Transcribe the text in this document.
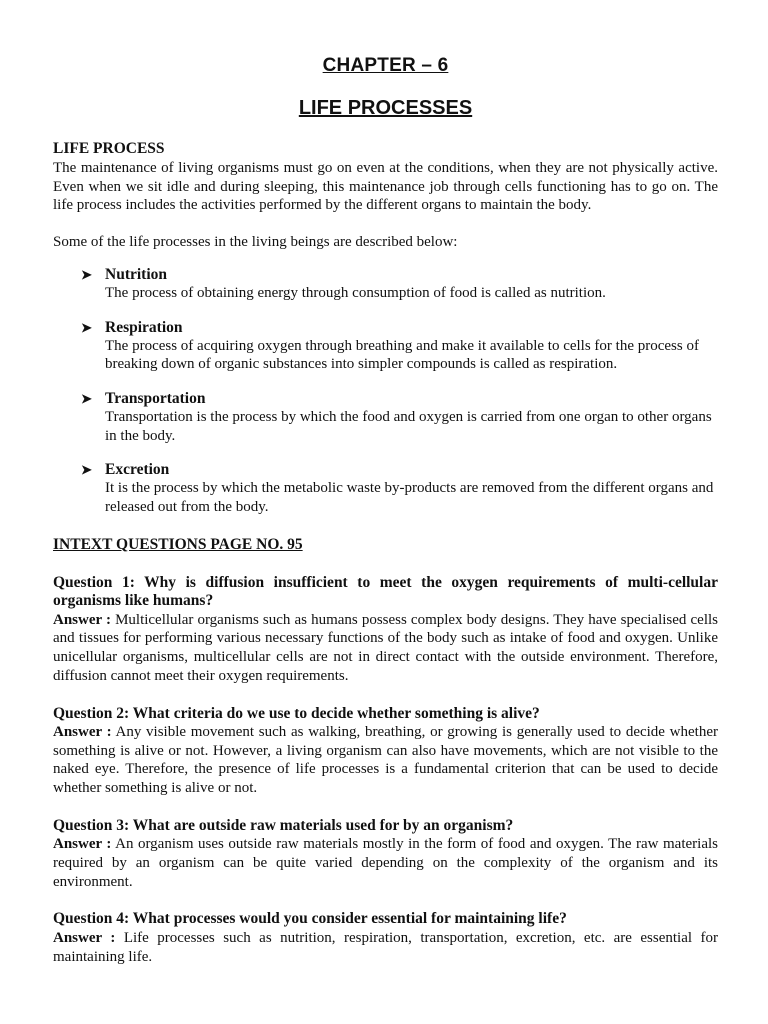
CHAPTER – 6
LIFE PROCESSES
LIFE PROCESS

The maintenance of living organisms must go on even at the conditions, when they are not physically active. Even when we sit idle and during sleeping, this maintenance job through cells functioning has to go on. The life process includes the activities performed by the different organs to maintain the body.

Some of the life processes in the living beings are described below:

➤ Nutrition
The process of obtaining energy through consumption of food is called as nutrition.
➤ Respiration
The process of acquiring oxygen through breathing and make it available to cells for the process of breaking down of organic substances into simpler compounds is called as respiration.
➤ Transportation
Transportation is the process by which the food and oxygen is carried from one organ to other organs in the body.
➤ Excretion
It is the process by which the metabolic waste by-products are removed from the different organs and released out from the body.
INTEXT QUESTIONS PAGE NO. 95

Question 1: Why is diffusion insufficient to meet the oxygen requirements of multi-cellular organisms like humans?

Answer : Multicellular organisms such as humans possess complex body designs. They have specialised cells and tissues for performing various necessary functions of the body such as intake of food and oxygen. Unlike unicellular organisms, multicellular cells are not in direct contact with the outside environment. Therefore, diffusion cannot meet their oxygen requirements.

Question 2: What criteria do we use to decide whether something is alive?

Answer : Any visible movement such as walking, breathing, or growing is generally used to decide whether something is alive or not. However, a living organism can also have movements, which are not visible to the naked eye. Therefore, the presence of life processes is a fundamental criterion that can be used to decide whether something is alive or not.

Question 3: What are outside raw materials used for by an organism?

Answer : An organism uses outside raw materials mostly in the form of food and oxygen. The raw materials required by an organism can be quite varied depending on the complexity of the organism and its environment.

Question 4: What processes would you consider essential for maintaining life?

Answer : Life processes such as nutrition, respiration, transportation, excretion, etc. are essential for maintaining life.
